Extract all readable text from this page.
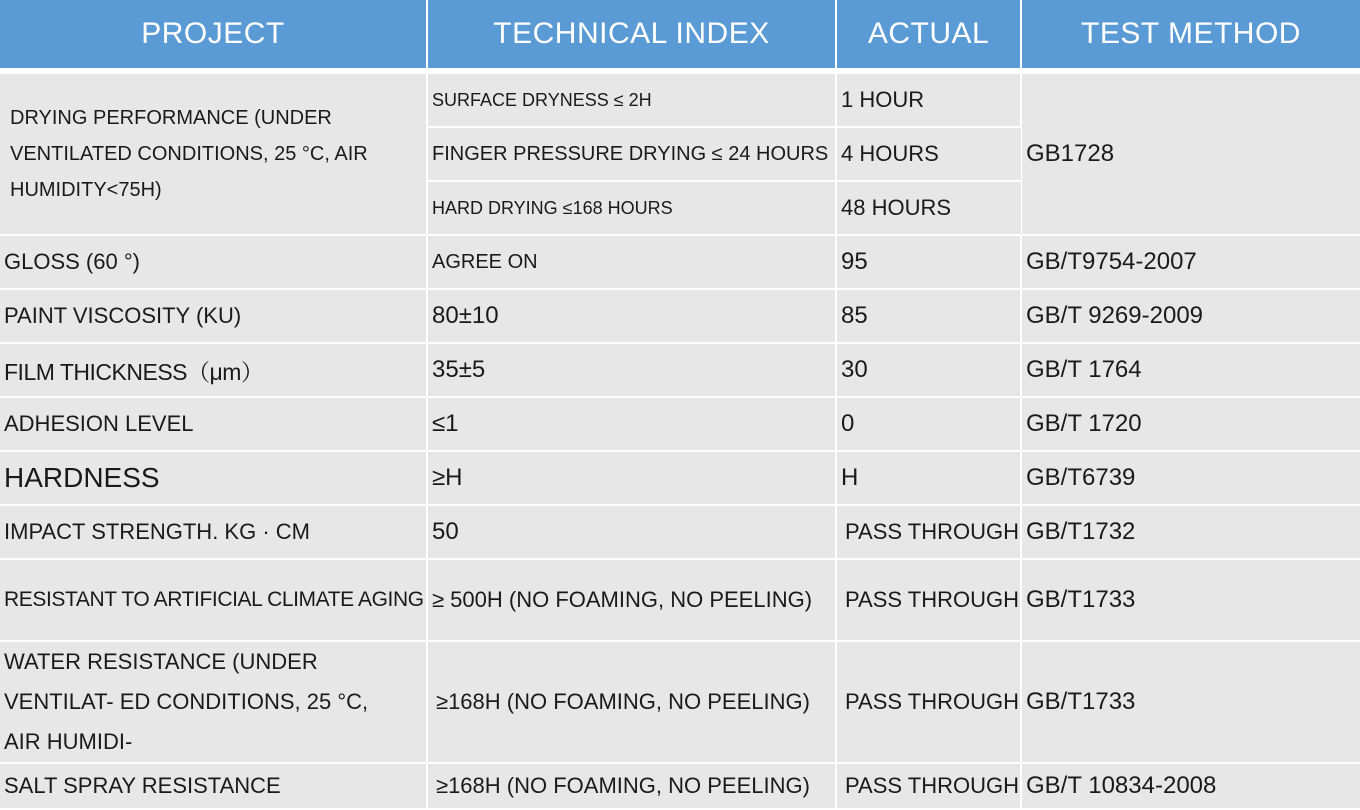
PROJECT	TECHNICAL INDEX	ACTUAL	TEST METHOD
DRYING PERFORMANCE (UNDER VENTILATED CONDITIONS, 25 °C, AIR HUMIDITY<75H)	SURFACE DRYNESS ≤ 2H	1 HOUR	GB1728
	FINGER PRESSURE DRYING ≤ 24 HOURS	4 HOURS	
	HARD DRYING ≤168 HOURS	48 HOURS	
GLOSS (60 °)	AGREE ON	95	GB/T9754-2007
PAINT VISCOSITY (KU)	80±10	85	GB/T 9269-2009
FILM THICKNESS（μm）	35±5	30	GB/T 1764
ADHESION LEVEL	≤1	0	GB/T 1720
HARDNESS	≥H	H	GB/T6739
IMPACT STRENGTH. KG · CM	50	PASS THROUGH	GB/T1732
RESISTANT TO ARTIFICIAL CLIMATE AGING	≥ 500H (NO FOAMING, NO PEELING)	PASS THROUGH	GB/T1733
WATER RESISTANCE (UNDER VENTILAT- ED CONDITIONS, 25 °C, AIR HUMIDI-	≥168H (NO FOAMING, NO PEELING)	PASS THROUGH	GB/T1733
SALT SPRAY RESISTANCE	≥168H (NO FOAMING, NO PEELING)	PASS THROUGH	GB/T 10834-2008
